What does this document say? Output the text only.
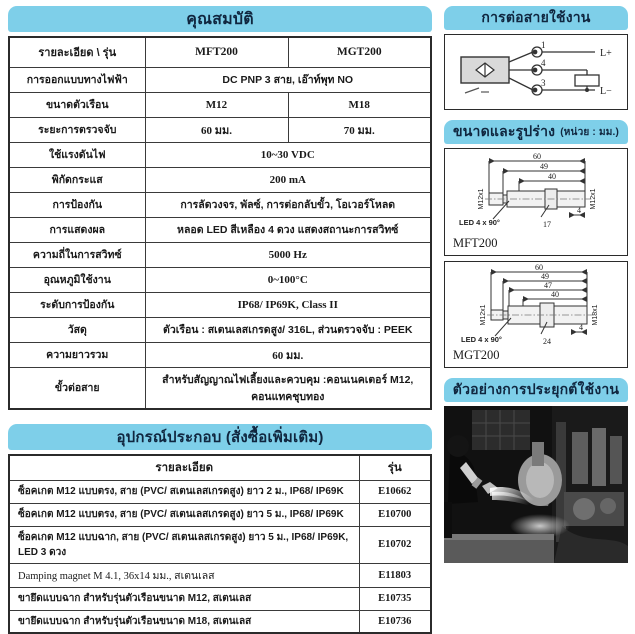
คุณสมบัติ
รายละเอียด \ รุ่น	MFT200	MGT200
การออกแบบทางไฟฟ้า	DC PNP 3 สาย, เอ๊าท์พุท NO	
ขนาดตัวเรือน	M12	M18
ระยะการตรวจจับ	60 มม.	70 มม.
ใช้แรงดันไฟ	10~30 VDC	
พิกัดกระแส	200 mA	
การป้องกัน	การลัดวงจร, พัลซ์, การต่อกลับขั้ว, โอเวอร์โหลด	
การแสดงผล	หลอด LED สีเหลือง 4 ดวง แสดงสถานะการสวิทซ์	
ความถี่ในการสวิทซ์	5000 Hz	
อุณหภูมิใช้งาน	0~100°C	
ระดับการป้องกัน	IP68/ IP69K, Class II	
วัสดุ	ตัวเรือน : สเตนเลสเกรดสูง/ 316L, ส่วนตรวจจับ : PEEK	
ความยาวรวม	60 มม.	
ขั้วต่อสาย	สำหรับสัญญาณไฟเลี้ยงและควบคุม :คอนเนคเตอร์ M12, คอนแทคชุบทอง	
อุปกรณ์ประกอบ (สั่งซื้อเพิ่มเติม)
รายละเอียด	รุ่น
ซ็อคเกต M12 แบบตรง, สาย (PVC/ สเตนเลสเกรดสูง) ยาว 2 ม., IP68/ IP69K	E10662
ซ็อคเกต M12 แบบตรง, สาย (PVC/ สเตนเลสเกรดสูง) ยาว 5 ม., IP68/ IP69K	E10700
ซ็อคเกต M12 แบบฉาก, สาย (PVC/ สเตนเลสเกรดสูง) ยาว 5 ม., IP68/ IP69K, LED 3 ดวง	E10702
Damping magnet M 4.1, 36x14 มม., สเตนเลส	E11803
ขายึดแบบฉาก สำหรับรุ่นตัวเรือนขนาด M12, สเตนเลส	E10735
ขายึดแบบฉาก สำหรับรุ่นตัวเรือนขนาด M18, สเตนเลส	E10736
การต่อสายใช้งาน
1
4
3
L+
L−
ขนาดและรูปร่าง (หน่วย : มม.)
60
49
40
4
M12x1	M12x1
LED 4 x 90°	17
MFT200
60
49
47
40
4
M12x1	M18x1
LED 4 x 90°	24
MGT200
ตัวอย่างการประยุกต์ใช้งาน
